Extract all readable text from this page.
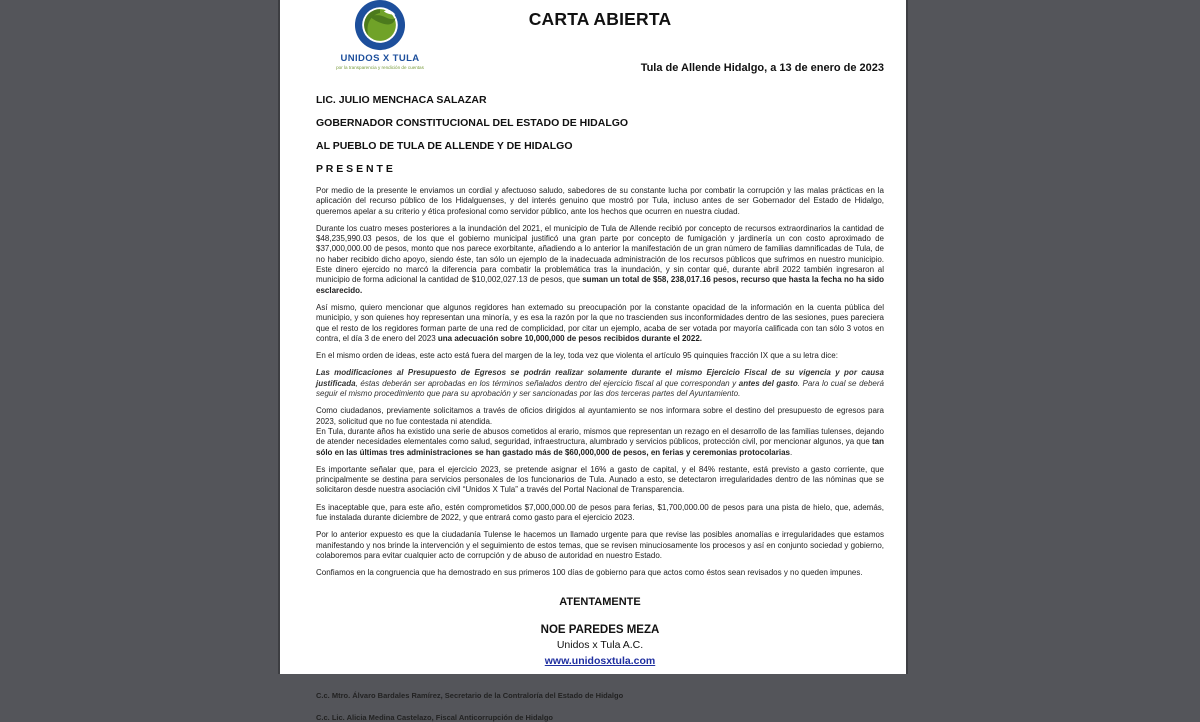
UNIDOS X TULA
por la transparencia y rendición de cuentas
CARTA ABIERTA
Tula de Allende Hidalgo, a 13 de enero de 2023
LIC. JULIO MENCHACA SALAZAR
GOBERNADOR CONSTITUCIONAL DEL ESTADO DE HIDALGO
AL PUEBLO DE TULA DE ALLENDE Y DE HIDALGO
P R E S E N T E

Por medio de la presente le enviamos un cordial y afectuoso saludo, sabedores de su constante lucha por combatir la corrupción y las malas prácticas en la aplicación del recurso público de los Hidalguenses, y del interés genuino que mostró por Tula, incluso antes de ser Gobernador del Estado de Hidalgo, queremos apelar a su criterio y ética profesional como servidor público, ante los hechos que ocurren en nuestra ciudad.

Durante los cuatro meses posteriores a la inundación del 2021, el municipio de Tula de Allende recibió por concepto de recursos extraordinarios la cantidad de $48,235,990.03 pesos, de los que el gobierno municipal justificó una gran parte por concepto de fumigación y jardinería un con costo aproximado de $37,000,000.00 de pesos, monto que nos parece exorbitante, añadiendo a lo anterior la manifestación de un gran número de familias damnificadas de Tula, de no haber recibido dicho apoyo, siendo éste, tan sólo un ejemplo de la inadecuada administración de los recursos públicos que sufrimos en nuestro municipio. Este dinero ejercido no marcó la diferencia para combatir la problemática tras la inundación, y sin contar qué, durante abril 2022 también ingresaron al municipio de forma adicional la cantidad de $10,002,027.13 de pesos, que suman un total de $58, 238,017.16 pesos, recurso que hasta la fecha no ha sido esclarecido.

Así mismo, quiero mencionar que algunos regidores han extemado su preocupación por la constante opacidad de la información en la cuenta pública del municipio, y son quienes hoy representan una minoría, y es esa la razón por la que no trascienden sus inconformidades dentro de las sesiones, pues pareciera que el resto de los regidores forman parte de una red de complicidad, por citar un ejemplo, acaba de ser votada por mayoría calificada con tan sólo 3 votos en contra, el día 3 de enero del 2023 una adecuación sobre 10,000,000 de pesos recibidos durante el 2022.

En el mismo orden de ideas, este acto está fuera del margen de la ley, toda vez que violenta el artículo 95 quinquies fracción IX que a su letra dice:

Las modificaciones al Presupuesto de Egresos se podrán realizar solamente durante el mismo Ejercicio Fiscal de su vigencia y por causa justificada, éstas deberán ser aprobadas en los términos señalados dentro del ejercicio fiscal al que correspondan y antes del gasto. Para lo cual se deberá seguir el mismo procedimiento que para su aprobación y ser sancionadas por las dos terceras partes del Ayuntamiento.

Como ciudadanos, previamente solicitamos a través de oficios dirigidos al ayuntamiento se nos informara sobre el destino del presupuesto de egresos para 2023, solicitud que no fue contestada ni atendida.

En Tula, durante años ha existido una serie de abusos cometidos al erario, mismos que representan un rezago en el desarrollo de las familias tulenses, dejando de atender necesidades elementales como salud, seguridad, infraestructura, alumbrado y servicios públicos, protección civil, por mencionar algunos, ya que tan sólo en las últimas tres administraciones se han gastado más de $60,000,000 de pesos, en ferias y ceremonias protocolarias.

Es importante señalar que, para el ejercicio 2023, se pretende asignar el 16% a gasto de capital, y el 84% restante, está previsto a gasto corriente, que principalmente se destina para servicios personales de los funcionarios de Tula. Aunado a esto, se detectaron irregularidades dentro de las nóminas que se solicitaron desde nuestra asociación civil “Unidos X Tula” a través del Portal Nacional de Transparencia.

Es inaceptable que, para este año, estén comprometidos $7,000,000.00 de pesos para ferias, $1,700,000.00 de pesos para una pista de hielo, que, además, fue instalada durante diciembre de 2022, y que entrará como gasto para el ejercicio 2023.

Por lo anterior expuesto es que la ciudadanía Tulense le hacemos un llamado urgente para que revise las posibles anomalías e irregularidades que estamos manifestando y nos brinde la intervención y el seguimiento de estos temas, que se revisen minuciosamente los procesos y así en conjunto sociedad y gobierno, colaboremos para evitar cualquier acto de corrupción y de abuso de autoridad en nuestro Estado.

Confiamos en la congruencia que ha demostrado en sus primeros 100 días de gobierno para que actos como éstos sean revisados y no queden impunes.

ATENTAMENTE
NOE PAREDES MEZA
Unidos x Tula A.C.
www.unidosxtula.com
C.c. Mtro. Álvaro Bardales Ramírez, Secretario de la Contraloría del Estado de Hidalgo
C.c. Lic. Alicia Medina Castelazo, Fiscal Anticorrupción de Hidalgo
